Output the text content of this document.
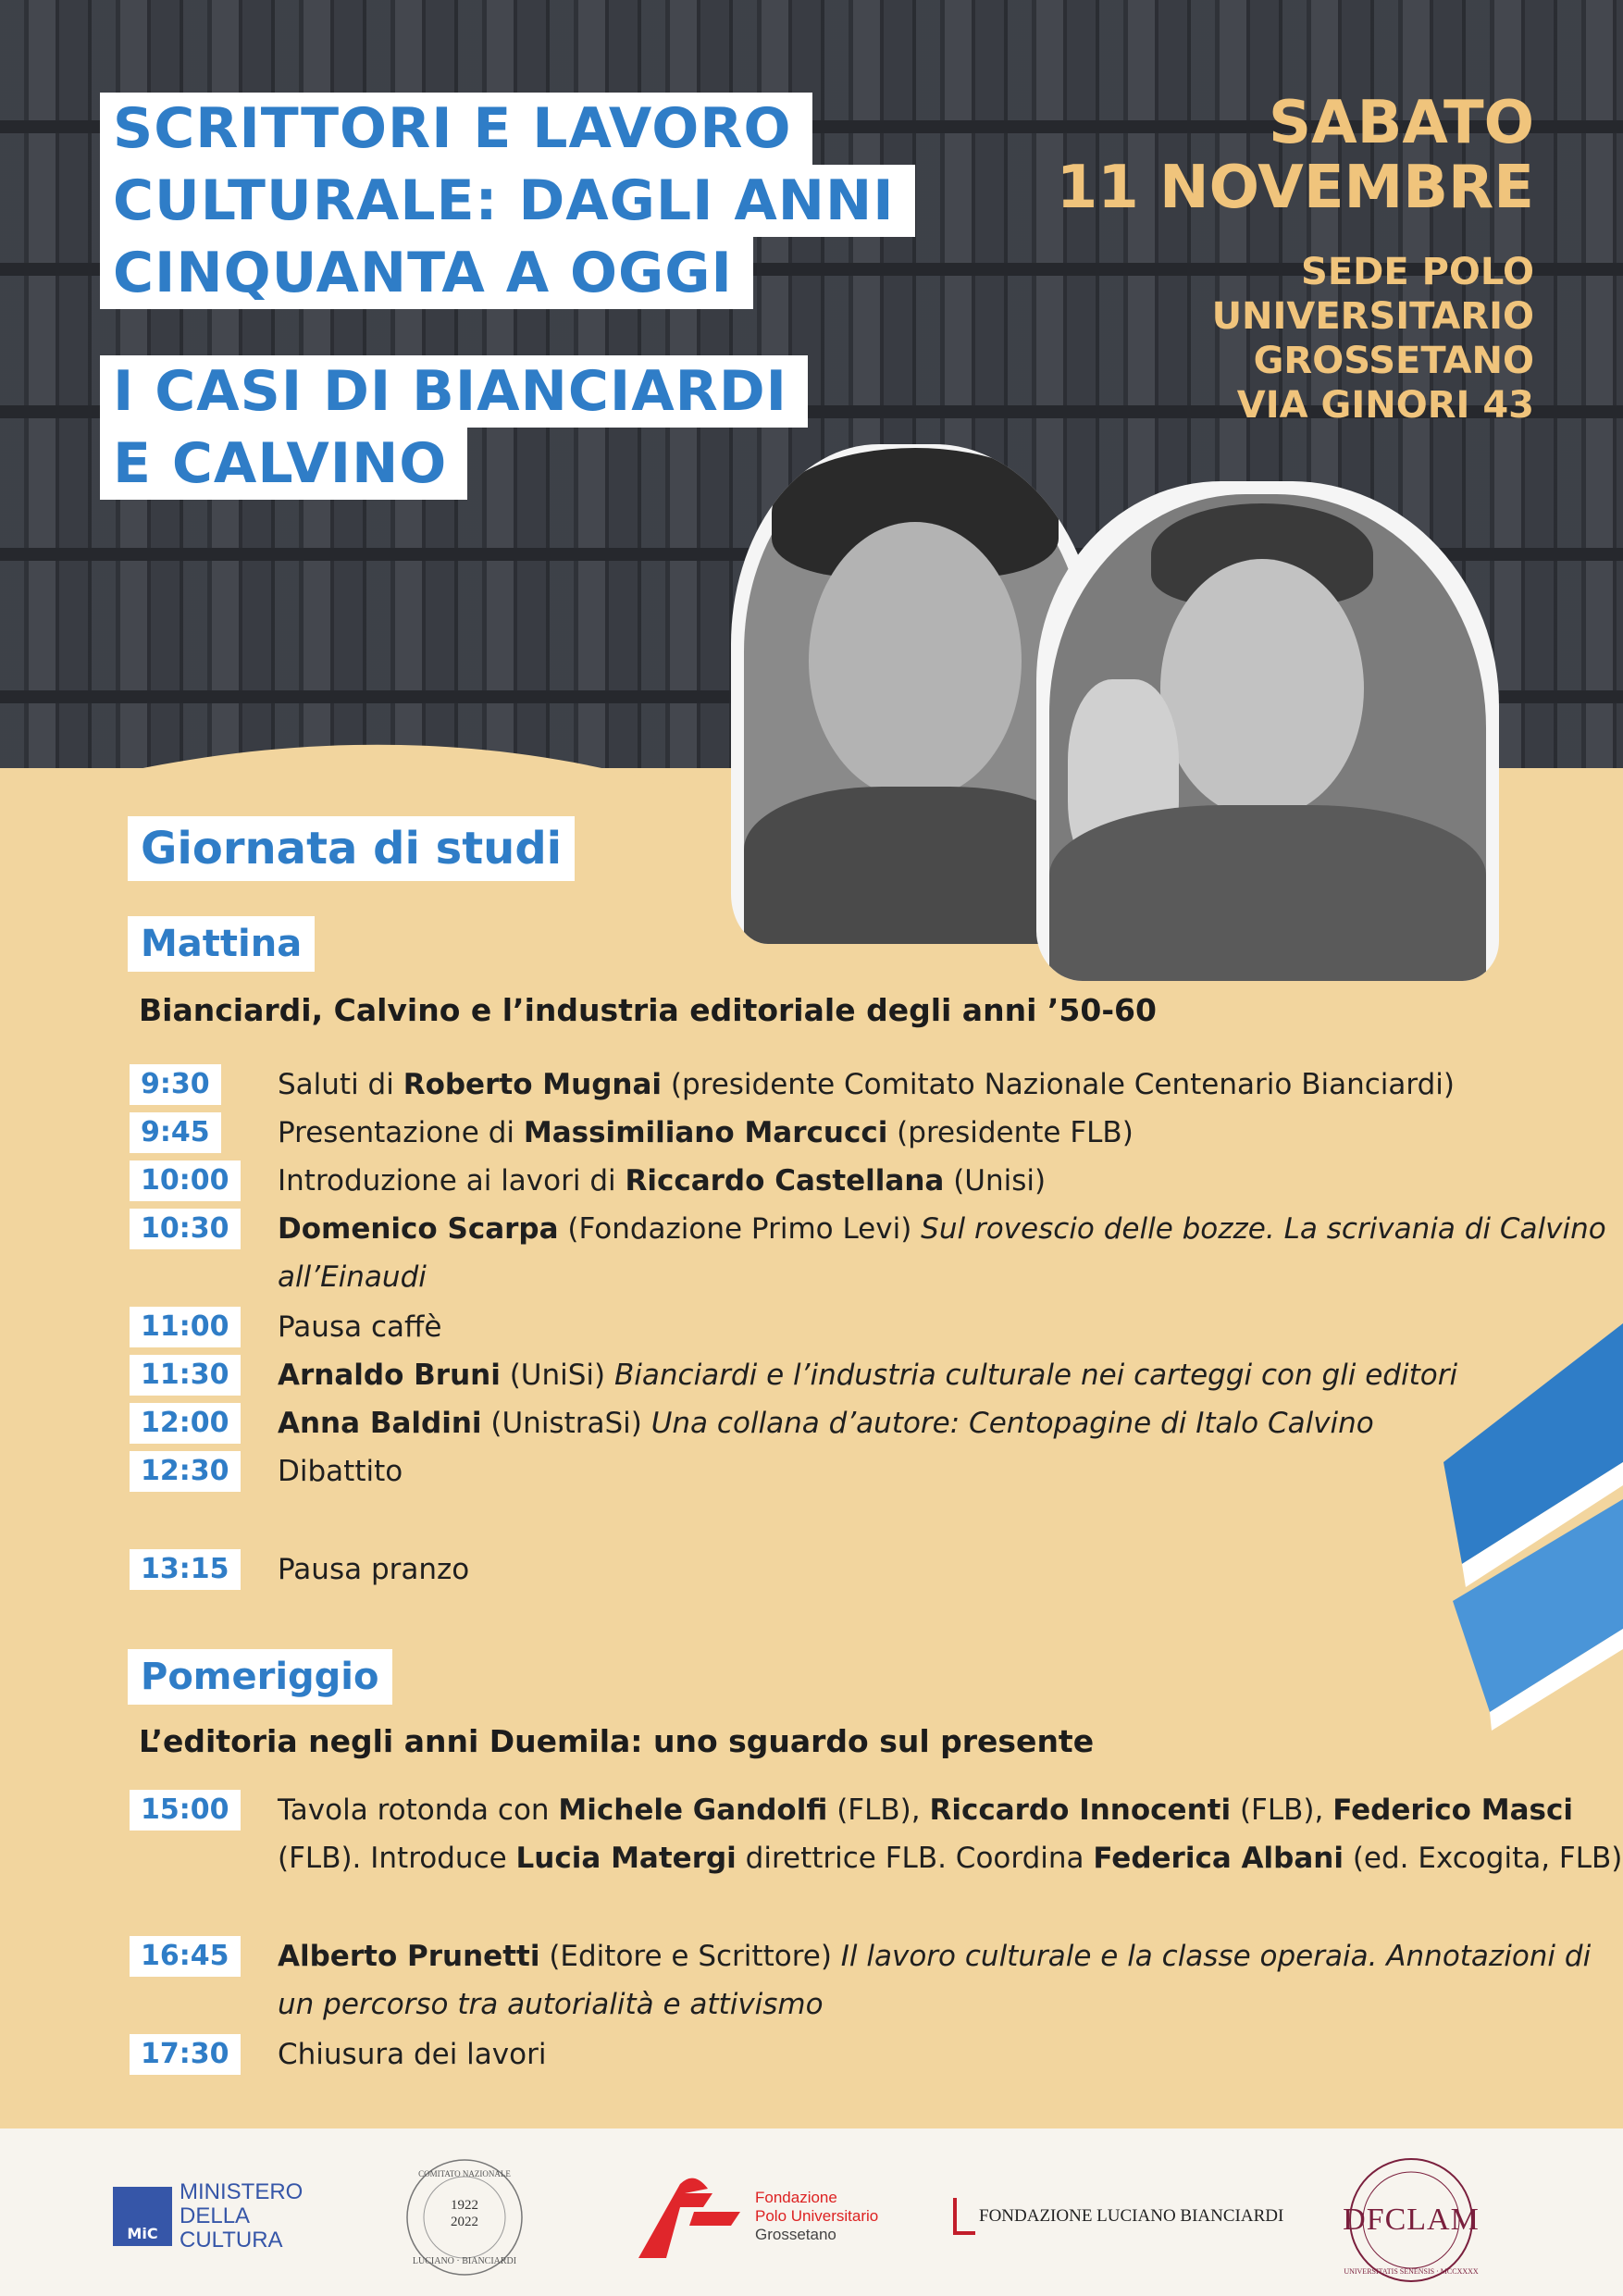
SCRITTORI E LAVORO
CULTURALE: DAGLI ANNI
CINQUANTA A OGGI
I CASI DI BIANCIARDI
E CALVINO
SABATO
11 NOVEMBRE
SEDE POLO
UNIVERSITARIO
GROSSETANO
VIA GINORI 43
Giornata di studi
Mattina
Bianciardi, Calvino e l’industria editoriale degli anni ’50-60
9:30	Saluti di Roberto Mugnai (presidente Comitato Nazionale Centenario Bianciardi)
9:45	Presentazione di Massimiliano Marcucci (presidente FLB)
10:00	Introduzione ai lavori di Riccardo Castellana (Unisi)
10:30	Domenico Scarpa (Fondazione Primo Levi) Sul rovescio delle bozze. La scrivania di Calvino all’Einaudi
11:00	Pausa caffè
11:30	Arnaldo Bruni (UniSi) Bianciardi e l’industria culturale nei carteggi con gli editori
12:00	Anna Baldini (UnistraSi) Una collana d’autore: Centopagine di Italo Calvino
12:30	Dibattito
13:15	Pausa pranzo
Pomeriggio
L’editoria negli anni Duemila: uno sguardo sul presente
15:00	Tavola rotonda con Michele Gandolfi (FLB), Riccardo Innocenti (FLB), Federico Masci (FLB). Introduce Lucia Matergi direttrice FLB. Coordina Federica Albani (ed. Excogita, FLB)
16:45	Alberto Prunetti (Editore e Scrittore) Il lavoro culturale e la classe operaia. Annotazioni di un percorso tra autorialità e attivismo
17:30	Chiusura dei lavori
MiC
MINISTERO
DELLA
CULTURA
1922
2022
COMITATO NAZIONALE
LUCIANO · BIANCIARDI
Fondazione
Polo Universitario
Grossetano
FONDAZIONE LUCIANO BIANCIARDI DFCLAM
UNIVERSITATIS SENENSIS · MCCXXXX
